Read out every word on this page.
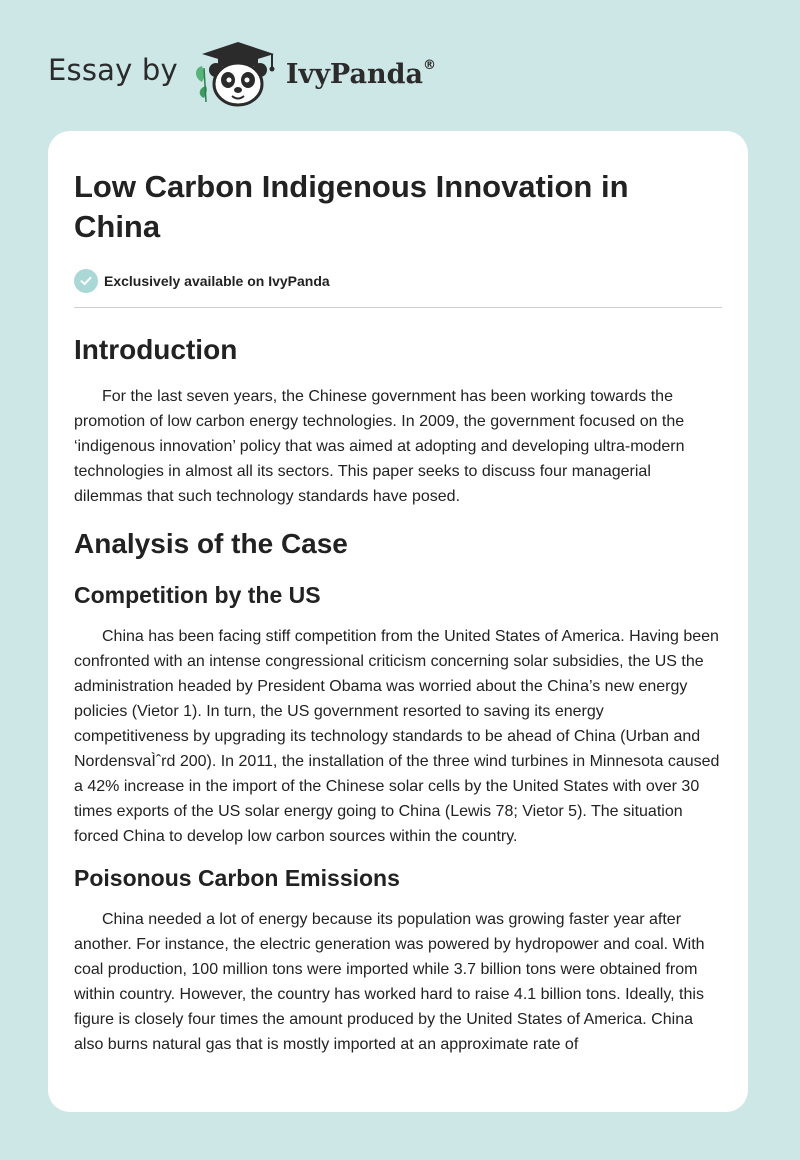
Essay by	IvyPanda®
Low Carbon Indigenous Innovation in China
Exclusively available on IvyPanda
Introduction

For the last seven years, the Chinese government has been working towards the promotion of low carbon energy technologies. In 2009, the government focused on the ‘indigenous innovation’ policy that was aimed at adopting and developing ultra-modern technologies in almost all its sectors. This paper seeks to discuss four managerial dilemmas that such technology standards have posed.

Analysis of the Case
Competition by the US

China has been facing stiff competition from the United States of America. Having been confronted with an intense congressional criticism concerning solar subsidies, the US the administration headed by President Obama was worried about the China’s new energy policies (Vietor 1). In turn, the US government resorted to saving its energy competitiveness by upgrading its technology standards to be ahead of China (Urban and NordensvaÌˆrd 200). In 2011, the installation of the three wind turbines in Minnesota caused a 42% increase in the import of the Chinese solar cells by the United States with over 30 times exports of the US solar energy going to China (Lewis 78; Vietor 5). The situation forced China to develop low carbon sources within the country.

Poisonous Carbon Emissions

China needed a lot of energy because its population was growing faster year after another. For instance, the electric generation was powered by hydropower and coal. With coal production, 100 million tons were imported while 3.7 billion tons were obtained from within country. However, the country has worked hard to raise 4.1 billion tons. Ideally, this figure is closely four times the amount produced by the United States of America. China also burns natural gas that is mostly imported at an approximate rate of
